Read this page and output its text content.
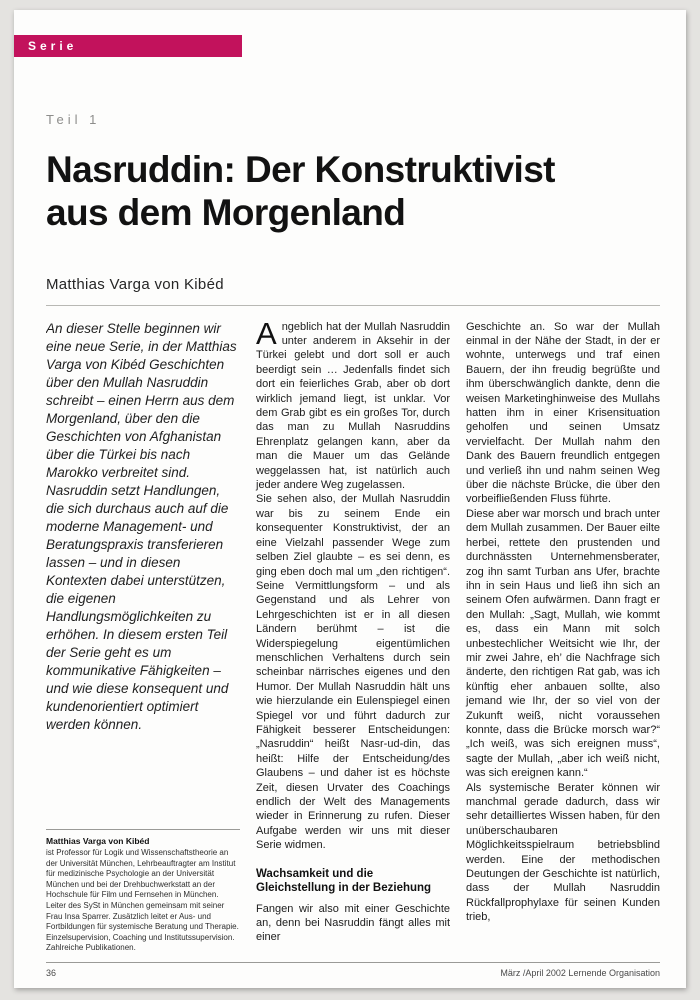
Serie
Teil 1
Nasruddin: Der Konstruktivist
aus dem Morgenland
Matthias Varga von Kibéd
An dieser Stelle beginnen wir eine neue Serie, in der Matthias Varga von Kibéd Geschichten über den Mullah Nasruddin schreibt – einen Herrn aus dem Morgenland, über den die Geschichten von Afghanistan über die Türkei bis nach Marokko verbreitet sind. Nasruddin setzt Handlungen, die sich durchaus auch auf die moderne Management- und Beratungspraxis transferieren lassen – und in diesen Kontexten dabei unterstützen, die eigenen Handlungsmöglichkeiten zu erhöhen. In diesem ersten Teil der Serie geht es um kommunikative Fähigkeiten – und wie diese konsequent und kundenorientiert optimiert werden können.
Matthias Varga von Kibéd
ist Professor für Logik und Wissenschaftstheorie an der Universität München, Lehrbeauftragter am Institut für medizinische Psychologie an der Universität München und bei der Drehbuchwerkstatt an der Hochschule für Film und Fernsehen in München. Leiter des SySt in München gemeinsam mit seiner Frau Insa Sparrer. Zusätzlich leitet er Aus- und Fortbildungen für systemische Beratung und Therapie. Einzelsupervision, Coaching und Institutssupervision. Zahlreiche Publikationen.

Angeblich hat der Mullah Nasruddin unter anderem in Aksehir in der Türkei gelebt und dort soll er auch beerdigt sein … Jedenfalls findet sich dort ein feierliches Grab, aber ob dort wirklich jemand liegt, ist unklar. Vor dem Grab gibt es ein großes Tor, durch das man zu Mullah Nasruddins Ehrenplatz gelangen kann, aber da man die Mauer um das Gelände weggelassen hat, ist natürlich auch jeder andere Weg zugelassen.

Sie sehen also, der Mullah Nasruddin war bis zu seinem Ende ein konsequenter Konstruktivist, der an eine Vielzahl passender Wege zum selben Ziel glaubte – es sei denn, es ging eben doch mal um „den richtigen“. Seine Vermittlungsform – und als Gegenstand und als Lehrer von Lehrgeschichten ist er in all diesen Ländern berühmt – ist die Widerspiegelung eigentümlichen menschlichen Verhaltens durch sein scheinbar närrisches eigenes und den Humor. Der Mullah Nasruddin hält uns wie hierzulande ein Eulenspiegel einen Spiegel vor und führt dadurch zur Fähigkeit besserer Entscheidungen: „Nasruddin“ heißt Nasr-ud-din, das heißt: Hilfe der Entscheidung/des Glaubens – und daher ist es höchste Zeit, diesen Urvater des Coachings endlich der Welt des Managements wieder in Erinnerung zu rufen. Dieser Aufgabe werden wir uns mit dieser Serie widmen.

Wachsamkeit und die Gleichstellung in der Beziehung

Fangen wir also mit einer Geschichte an, denn bei Nasruddin fängt alles mit einer

Geschichte an. So war der Mullah einmal in der Nähe der Stadt, in der er wohnte, unterwegs und traf einen Bauern, der ihn freudig begrüßte und ihm überschwänglich dankte, denn die weisen Marketinghinweise des Mullahs hatten ihm in einer Krisensituation geholfen und seinen Umsatz vervielfacht. Der Mullah nahm den Dank des Bauern freundlich entgegen und verließ ihn und nahm seinen Weg über die nächste Brücke, die über den vorbeifließenden Fluss führte.

Diese aber war morsch und brach unter dem Mullah zusammen. Der Bauer eilte herbei, rettete den prustenden und durchnässten Unternehmensberater, zog ihn samt Turban ans Ufer, brachte ihn in sein Haus und ließ ihn sich an seinem Ofen aufwärmen. Dann fragt er den Mullah: „Sagt, Mullah, wie kommt es, dass ein Mann mit solch unbestechlicher Weitsicht wie Ihr, der mir zwei Jahre, eh’ die Nachfrage sich änderte, den richtigen Rat gab, was ich künftig eher anbauen sollte, also jemand wie Ihr, der so viel von der Zukunft weiß, nicht voraussehen konnte, dass die Brücke morsch war?“ „Ich weiß, was sich ereignen muss“, sagte der Mullah, „aber ich weiß nicht, was sich ereignen kann.“

Als systemische Berater können wir manchmal gerade dadurch, dass wir sehr detailliertes Wissen haben, für den unüberschaubaren Möglichkeitsspielraum betriebsblind werden. Eine der methodischen Deutungen der Geschichte ist natürlich, dass der Mullah Nasruddin Rückfallprophylaxe für seinen Kunden trieb,

36	März /April 2002 Lernende Organisation
